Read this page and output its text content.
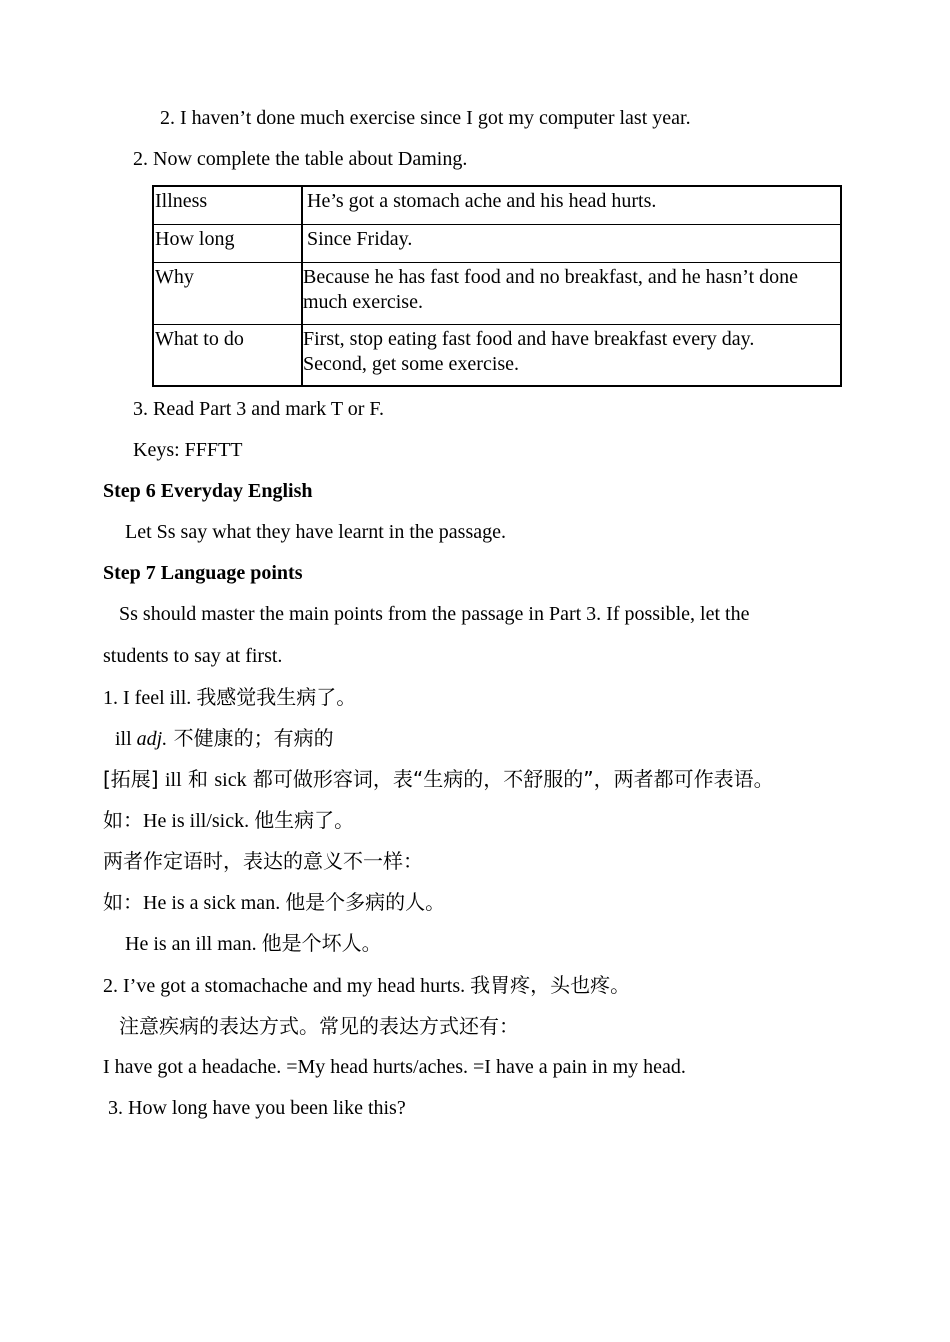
2. I haven’t done much exercise since I got my computer last year.
2. Now complete the table about Daming.
Illness	He’s got a stomach ache and his head hurts.
How long	Since Friday.
Why	Because he has fast food and no breakfast, and he hasn’t done much exercise.
What to do	First, stop eating fast food and have breakfast every day.
Second, get some exercise.
3. Read Part 3 and mark T or F.
Keys: FFFTT
Step 6 Everyday English
Let Ss say what they have learnt in the passage.
Step 7 Language points
Ss should master the main points from the passage in Part 3. If possible, let the
students to say at first.
1. I feel ill. 我感觉我生病了。
ill adj. 不健康的；有病的
[拓展] ill 和 sick 都可做形容词，表“生病的，不舒服的”，两者都可作表语。
如：He is ill/sick. 他生病了。
两者作定语时，表达的意义不一样：
如：He is a sick man. 他是个多病的人。
He is an ill man. 他是个坏人。
2. I’ve got a stomachache and my head hurts. 我胃疼，头也疼。
注意疾病的表达方式。常见的表达方式还有：
I have got a headache. =My head hurts/aches. =I have a pain in my head.
3. How long have you been like this?
